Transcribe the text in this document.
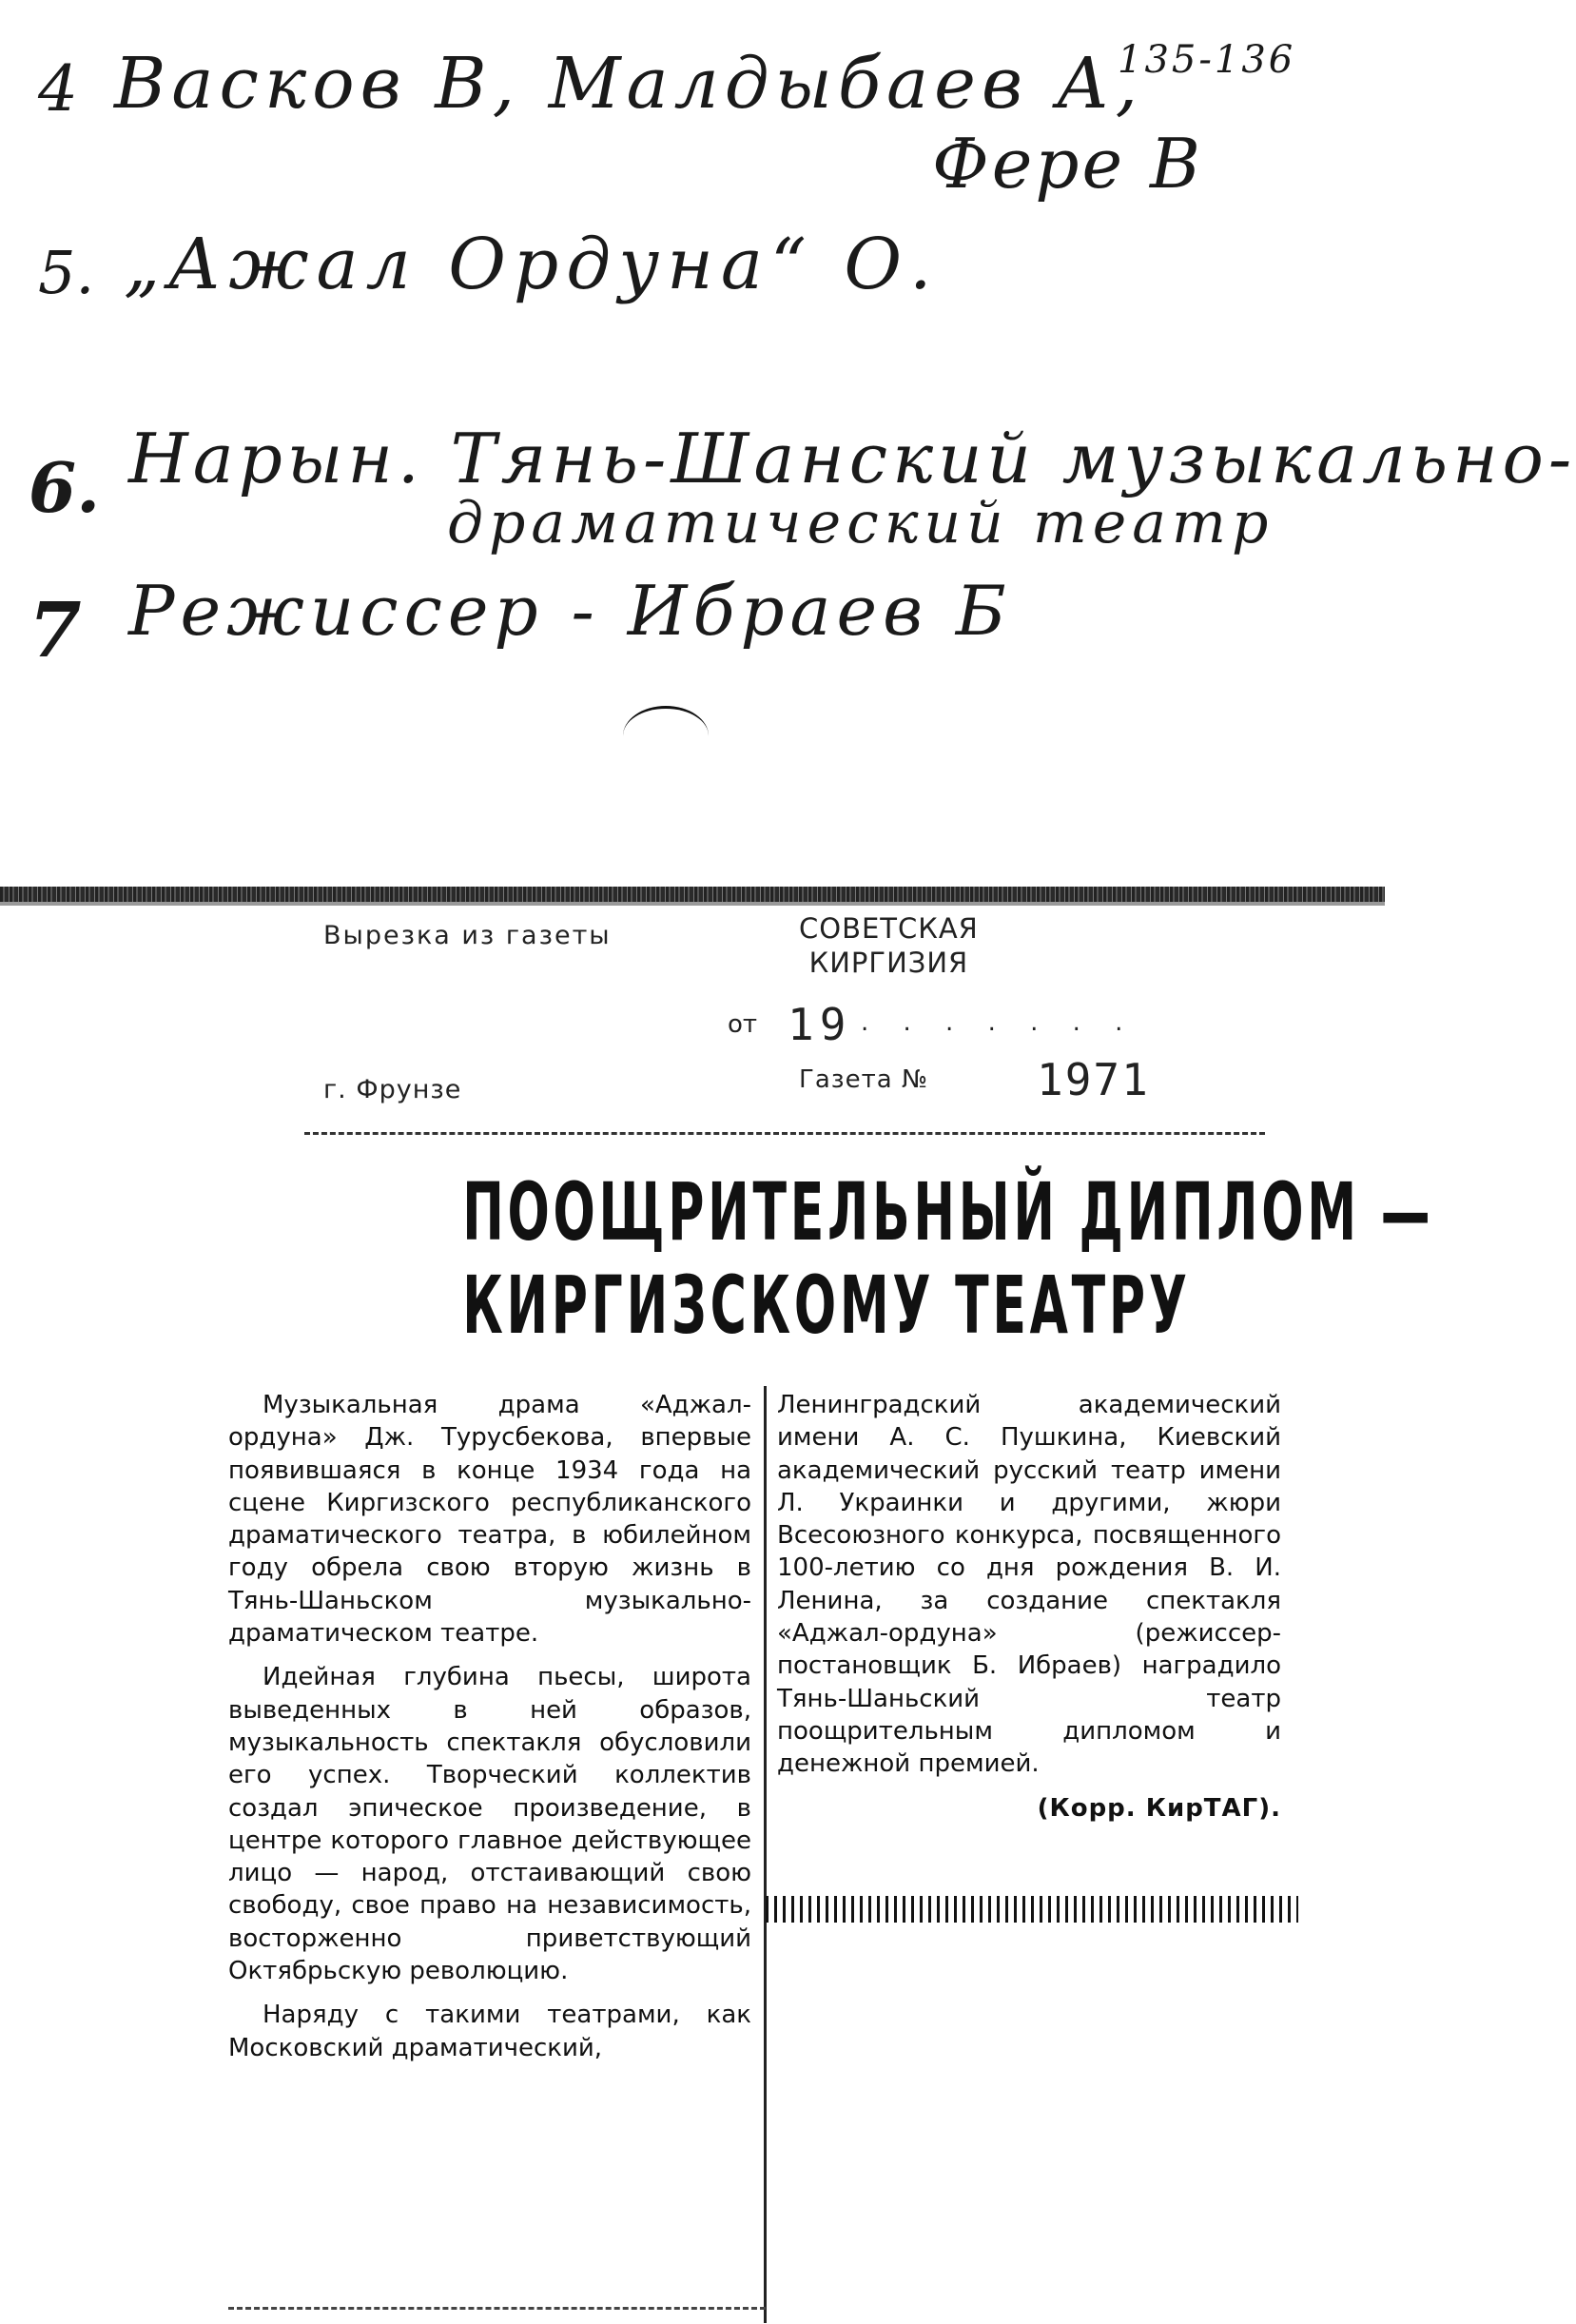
4 Васков В, Малдыбаев А,
135-136
Фере В
5. „Ажал Ордуна“ О.
6. Нарын. Тянь-Шанский музыкально-
драматический театр
7 Режиссер - Ибраев Б
Вырезка из газеты	СОВЕТСКАЯ
КИРГИЗИЯ
от 19 . . . . . . .
г. Фрунзе	Газета № 1971
ПООЩРИТЕЛЬНЫЙ ДИПЛОМ —
КИРГИЗСКОМУ ТЕАТРУ

Музыкальная драма «Аджал-ордуна» Дж. Турусбекова, впервые появившаяся в конце 1934 года на сцене Киргизского республиканского драматического театра, в юбилейном году обрела свою вторую жизнь в Тянь-Шаньском музыкально-драматическом театре.

Идейная глубина пьесы, широта выведенных в ней образов, музыкальность спектакля обусловили его успех. Творческий коллектив создал эпическое произведение, в центре которого главное действующее лицо — народ, отстаивающий свою свободу, свое право на независимость, восторженно приветствующий Октябрьскую революцию.

Наряду с такими театрами, как Московский драматический,

Ленинградский академический имени А. С. Пушкина, Киевский академический русский театр имени Л. Украинки и другими, жюри Всесоюзного конкурса, посвященного 100-летию со дня рождения В. И. Ленина, за создание спектакля «Аджал-ордуна» (режиссер-постановщик Б. Ибраев) наградило Тянь-Шаньский театр поощрительным дипломом и денежной премией.

(Корр. КирТАГ).
